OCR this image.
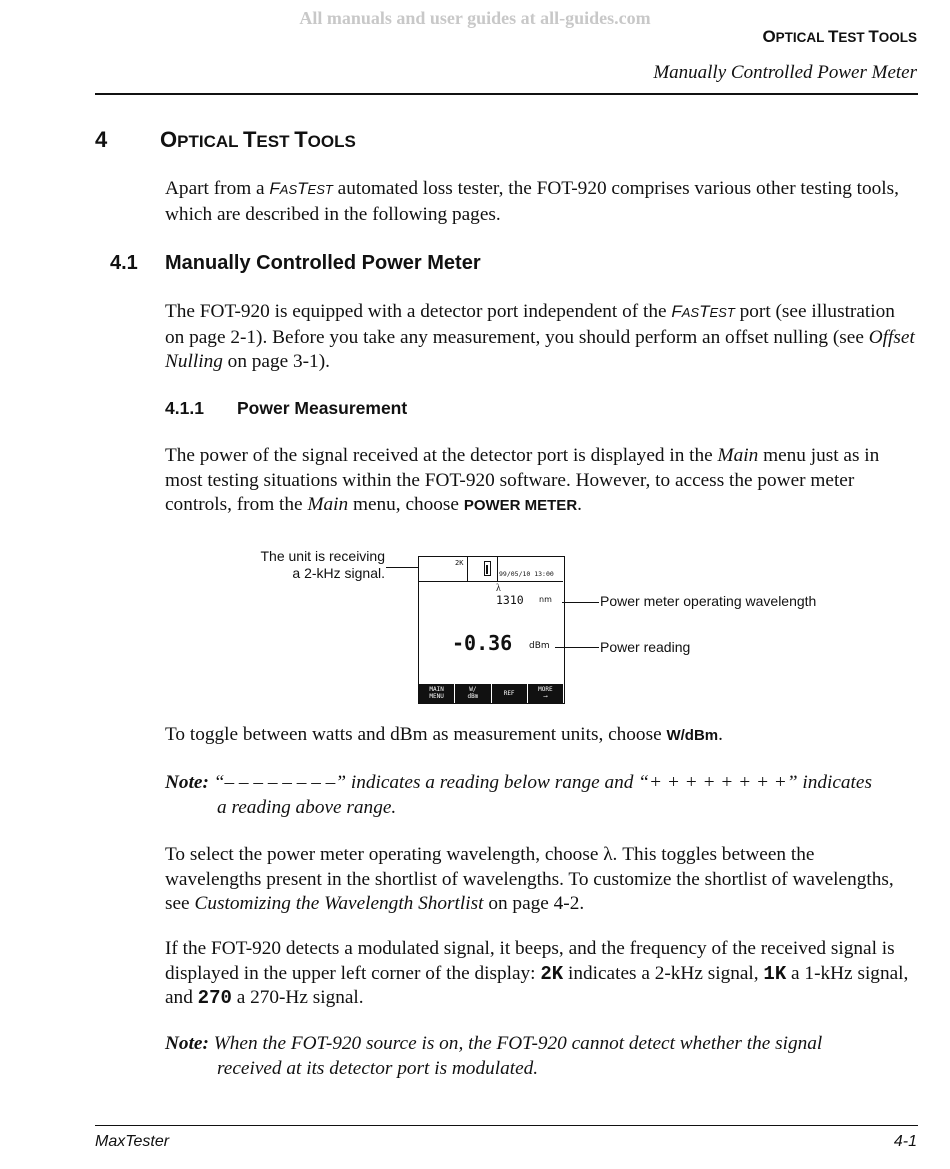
All manuals and user guides at all-guides.com
OPTICAL TEST TOOLS
Manually Controlled Power Meter
4 OPTICAL TEST TOOLS
Apart from a FASTEST automated loss tester, the FOT-920 comprises various other testing tools, which are described in the following pages.
4.1 Manually Controlled Power Meter
The FOT-920 is equipped with a detector port independent of the FASTEST port (see illustration on page 2-1). Before you take any measurement, you should perform an offset nulling (see Offset Nulling on page 3-1).
4.1.1 Power Measurement
The power of the signal received at the detector port is displayed in the Main menu just as in most testing situations within the FOT-920 software. However, to access the power meter controls, from the Main menu, choose POWER METER.
The unit is receiving
a 2-kHz signal.
2K
99/05/10 13:00
λ
1310 nm
-0.36 dBm
MAIN
MENU
W/
dBm	REF
MORE
⟶
Power meter operating wavelength
Power reading
To toggle between watts and dBm as measurement units, choose W/dBm.
Note: “– – – – – – – –” indicates a reading below range and “+ + + + + + + +” indicates
a reading above range.
To select the power meter operating wavelength, choose λ. This toggles between the wavelengths present in the shortlist of wavelengths. To customize the shortlist of wavelengths, see Customizing the Wavelength Shortlist on page 4-2.
If the FOT-920 detects a modulated signal, it beeps, and the frequency of the received signal is displayed in the upper left corner of the display: 2K indicates a 2-kHz signal, 1K a 1-kHz signal, and 270 a 270-Hz signal.
Note: When the FOT-920 source is on, the FOT-920 cannot detect whether the signal
received at its detector port is modulated.
MaxTester	4-1
